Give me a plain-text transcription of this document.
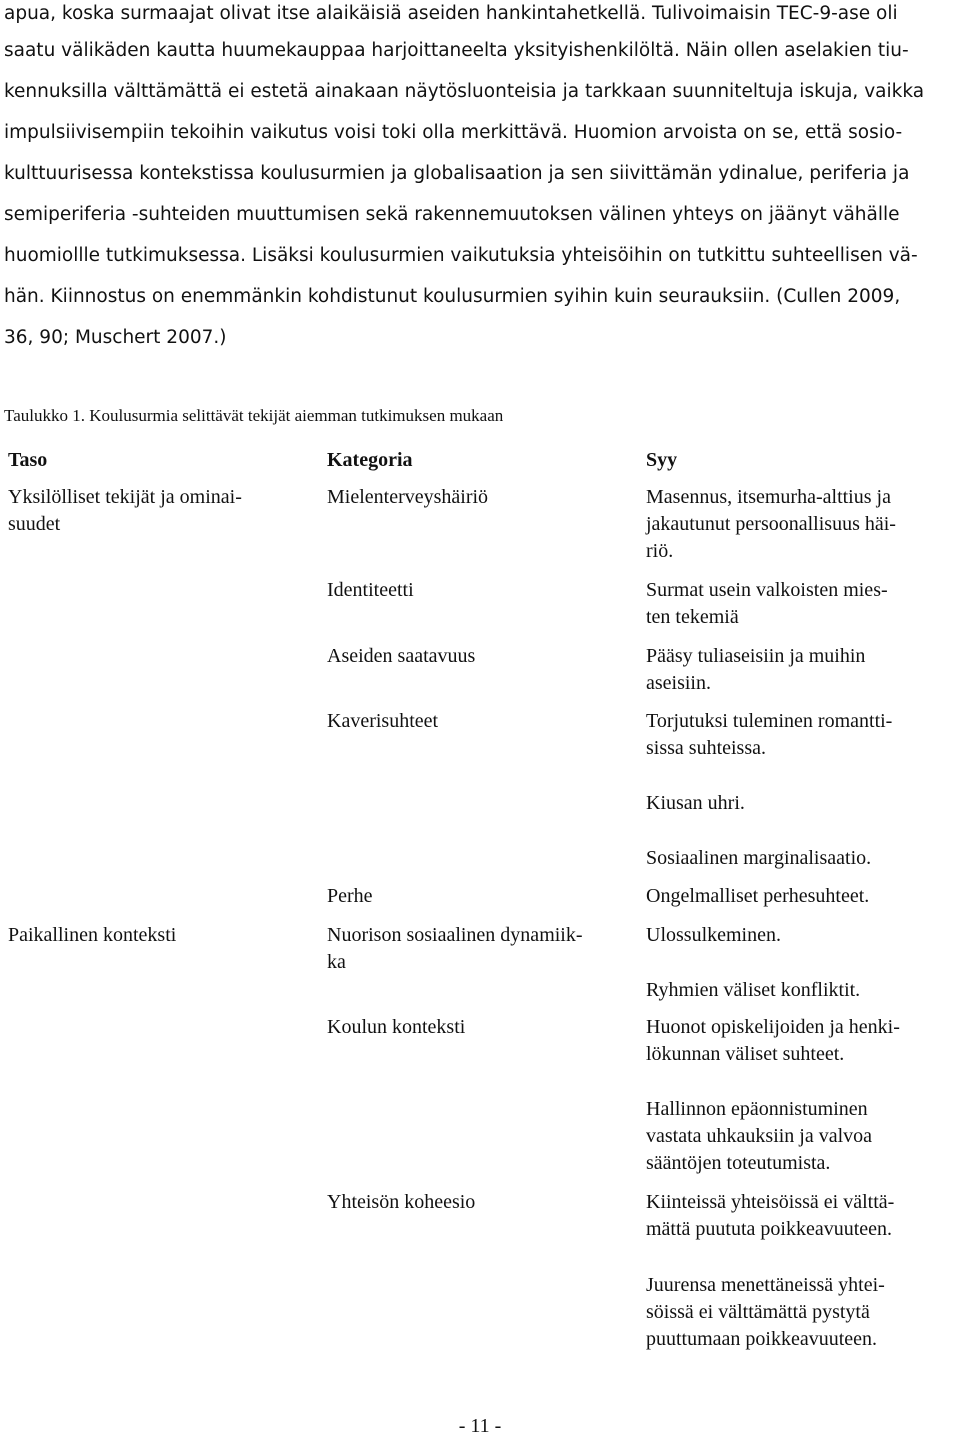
apua, koska surmaajat olivat itse alaikäisiä aseiden hankintahetkellä. Tulivoimaisin TEC-9-ase oli
saatu välikäden kautta huumekauppaa harjoittaneelta yksityishenkilöltä. Näin ollen aselakien tiu-
kennuksilla välttämättä ei estetä ainakaan näytösluonteisia ja tarkkaan suunniteltuja iskuja, vaikka
impulsiivisempiin tekoihin vaikutus voisi toki olla merkittävä. Huomion arvoista on se, että sosio-
kulttuurisessa kontekstissa koulusurmien ja globalisaation ja sen siivittämän ydinalue, periferia ja
semiperiferia -suhteiden muuttumisen sekä rakennemuutoksen välinen yhteys on jäänyt vähälle
huomiollle tutkimuksessa. Lisäksi koulusurmien vaikutuksia yhteisöihin on tutkittu suhteellisen vä-
hän. Kiinnostus on enemmänkin kohdistunut koulusurmien syihin kuin seurauksiin. (Cullen 2009,
36, 90; Muschert 2007.)
Taulukko 1. Koulusurmia selittävät tekijät aiemman tutkimuksen mukaan
Taso	Kategoria	Syy
Yksilölliset tekijät ja ominai-
suudet
Paikallinen konteksti
Mielenterveyshäiriö
Identiteetti
Aseiden saatavuus
Kaverisuhteet
Perhe
Nuorison sosiaalinen dynamiik-
ka
Koulun konteksti
Yhteisön koheesio
Masennus, itsemurha-alttius ja
jakautunut persoonallisuus häi-
riö.
Surmat usein valkoisten mies-
ten tekemiä
Pääsy tuliaseisiin ja muihin
aseisiin.
Torjutuksi tuleminen romantti-
sissa suhteissa.
Kiusan uhri.
Sosiaalinen marginalisaatio.
Ongelmalliset perhesuhteet.
Ulossulkeminen.
Ryhmien väliset konfliktit.
Huonot opiskelijoiden ja henki-
lökunnan väliset suhteet.
Hallinnon epäonnistuminen
vastata uhkauksiin ja valvoa
sääntöjen toteutumista.
Kiinteissä yhteisöissä ei välttä-
mättä puututa poikkeavuuteen.
Juurensa menettäneissä yhtei-
söissä ei välttämättä pystytä
puuttumaan poikkeavuuteen.
- 11 -
